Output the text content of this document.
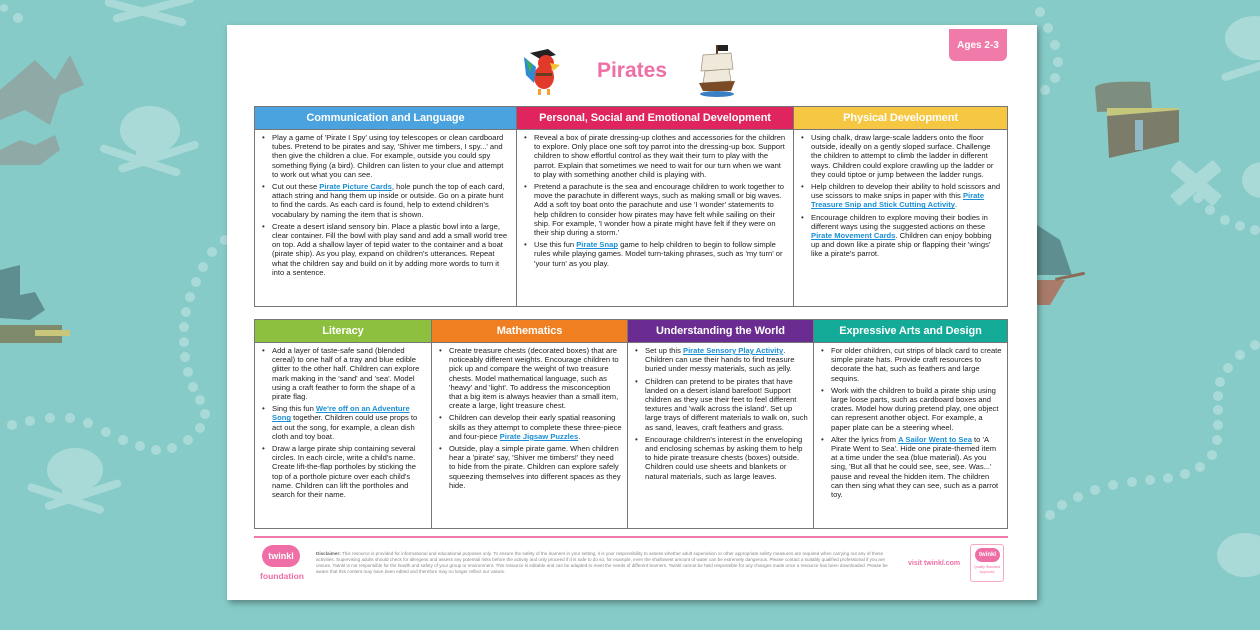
Ages 2-3
Pirates
Communication and Language
• Play a game of 'Pirate I Spy' using toy telescopes or clean cardboard tubes. Pretend to be pirates and say, 'Shiver me timbers, I spy...' and then give the children a clue. For example, outside you could spy something flying (a bird). Children can listen to your clue and attempt to work out what you can see.
• Cut out these Pirate Picture Cards, hole punch the top of each card, attach string and hang them up inside or outside. Go on a pirate hunt to find the cards. As each card is found, help to extend children's vocabulary by naming the item that is shown.
• Create a desert island sensory bin. Place a plastic bowl into a large, clear container. Fill the bowl with play sand and add a small world tree on top. Add a shallow layer of tepid water to the container and a boat (pirate ship). As you play, expand on children's utterances. Repeat what the children say and build on it by adding more words to turn it into a sentence.
Personal, Social and Emotional Development
• Reveal a box of pirate dressing-up clothes and accessories for the children to explore. Only place one soft toy parrot into the dressing-up box. Support children to show effortful control as they wait their turn to play with the parrot. Explain that sometimes we need to wait for our turn when we want to play with something another child is playing with.
• Pretend a parachute is the sea and encourage children to work together to move the parachute in different ways, such as making small or big waves. Add a soft toy boat onto the parachute and use 'I wonder' statements to help children to consider how pirates may have felt while sailing on their ship. For example, 'I wonder how a pirate might have felt if they were on their ship during a storm.'
• Use this fun Pirate Snap game to help children to begin to follow simple rules while playing games. Model turn-taking phrases, such as 'my turn' or 'your turn' as you play.
Physical Development
• Using chalk, draw large-scale ladders onto the floor outside, ideally on a gently sloped surface. Challenge the children to attempt to climb the ladder in different ways. Children could explore crawling up the ladder or they could tiptoe or jump between the ladder rungs.
• Help children to develop their ability to hold scissors and use scissors to make snips in paper with this Pirate Treasure Snip and Stick Cutting Activity.
• Encourage children to explore moving their bodies in different ways using the suggested actions on these Pirate Movement Cards. Children can enjoy bobbing up and down like a pirate ship or flapping their 'wings' like a pirate's parrot.
Literacy
• Add a layer of taste-safe sand (blended cereal) to one half of a tray and blue edible glitter to the other half. Children can explore mark making in the 'sand' and 'sea'. Model using a craft feather to form the shape of a pirate flag.
• Sing this fun We're off on an Adventure Song together. Children could use props to act out the song, for example, a clean dish cloth and toy boat.
• Draw a large pirate ship containing several circles. In each circle, write a child's name. Create lift-the-flap portholes by sticking the top of a porthole picture over each child's name. Children can lift the portholes and search for their name.
Mathematics
• Create treasure chests (decorated boxes) that are noticeably different weights. Encourage children to pick up and compare the weight of two treasure chests. Model mathematical language, such as 'heavy' and 'light'. To address the misconception that a big item is always heavier than a small item, create a large, light treasure chest.
• Children can develop their early spatial reasoning skills as they attempt to complete these three-piece and four-piece Pirate Jigsaw Puzzles.
• Outside, play a simple pirate game. When children hear a 'pirate' say, 'Shiver me timbers!' they need to hide from the pirate. Children can explore safely squeezing themselves into different spaces as they hide.
Understanding the World
• Set up this Pirate Sensory Play Activity. Children can use their hands to find treasure buried under messy materials, such as jelly.
• Children can pretend to be pirates that have landed on a desert island barefoot! Support children as they use their feet to feel different textures and 'walk across the island'. Set up large trays of different materials to walk on, such as sand, leaves, craft feathers and grass.
• Encourage children's interest in the enveloping and enclosing schemas by asking them to help to hide pirate treasure chests (boxes) outside. Children could use sheets and blankets or natural materials, such as large leaves.
Expressive Arts and Design
• For older children, cut strips of black card to create simple pirate hats. Provide craft resources to decorate the hat, such as feathers and large sequins.
• Work with the children to build a pirate ship using large loose parts, such as cardboard boxes and crates. Model how during pretend play, one object can represent another object. For example, a paper plate can be a steering wheel.
• Alter the lyrics from A Sailor Went to Sea to 'A Pirate Went to Sea'. Hide one pirate-themed item at a time under the sea (blue material). As you sing, 'But all that he could see, see, see. Was...' pause and reveal the hidden item. The children can then sing what they can see, such as a parrot toy.
twinkl
foundation
Disclaimer: This resource is provided for informational and educational purposes only. To ensure the safety of the learners in your setting, it is your responsibility to assess whether adult supervision or other appropriate safety measures are required when carrying out any of these activities. Supervising adults should check for allergens and assess any potential risks before the activity and only proceed if it is safe to do so; for example, even the shallowest amount of water can be extremely dangerous. Please contact a suitably qualified professional if you are unsure. Twinkl is not responsible for the health and safety of your group or environment. This resource is editable and can be adapted to meet the needs of different learners. Twinkl cannot be held responsible for any changes made once a resource has been downloaded. Please be aware that this content may have been edited and therefore may no longer reflect our values.
visit twinkl.com
twinkl
Quality Standard Approved
